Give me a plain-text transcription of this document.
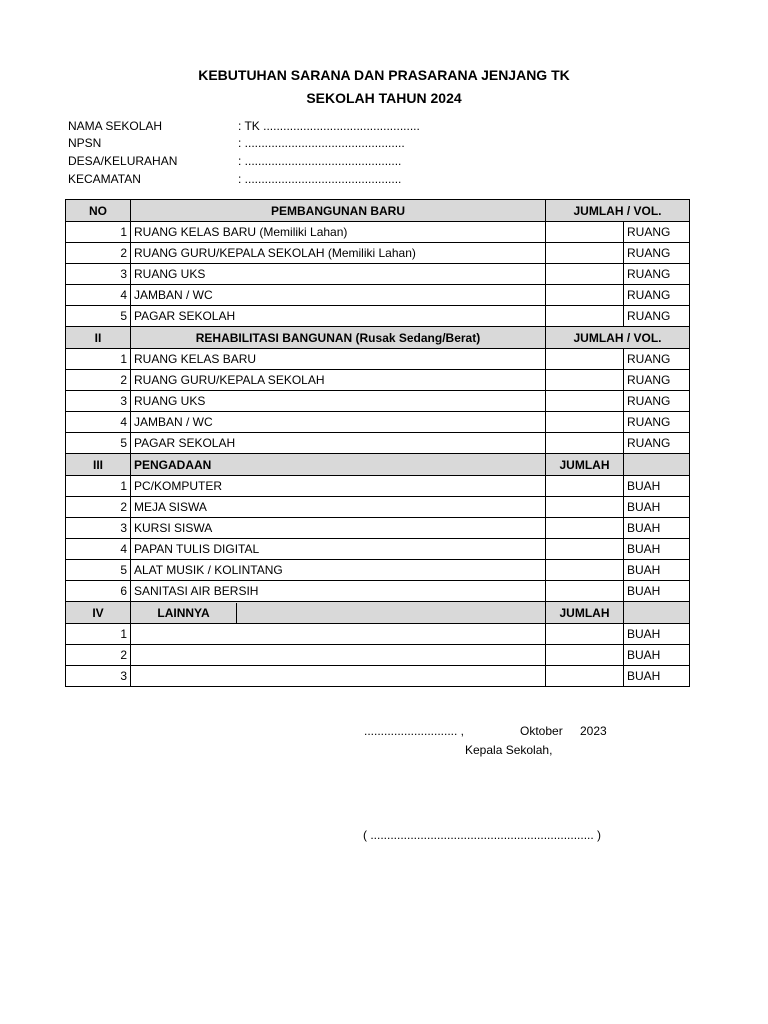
KEBUTUHAN SARANA DAN PRASARANA JENJANG TK
SEKOLAH TAHUN 2024
NAMA SEKOLAH	: TK ...............................................
NPSN	: ................................................
DESA/KELURAHAN	: ...............................................
KECAMATAN	: ...............................................
NO	PEMBANGUNAN BARU	JUMLAH / VOL.	
1	RUANG KELAS BARU (Memiliki Lahan)		RUANG
2	RUANG GURU/KEPALA SEKOLAH (Memiliki Lahan)		RUANG
3	RUANG UKS		RUANG
4	JAMBAN / WC		RUANG
5	PAGAR SEKOLAH		RUANG
II	REHABILITASI BANGUNAN (Rusak Sedang/Berat)	JUMLAH / VOL.	
1	RUANG KELAS BARU		RUANG
2	RUANG GURU/KEPALA SEKOLAH		RUANG
3	RUANG UKS		RUANG
4	JAMBAN / WC		RUANG
5	PAGAR SEKOLAH		RUANG
III	PENGADAAN	JUMLAH	
1	PC/KOMPUTER		BUAH
2	MEJA SISWA		BUAH
3	KURSI SISWA		BUAH
4	PAPAN TULIS DIGITAL		BUAH
5	ALAT MUSIK / KOLINTANG		BUAH
6	SANITASI AIR BERSIH		BUAH
IV	LAINNYA	JUMLAH	
1			BUAH
2			BUAH
3			BUAH
............................ ,	Oktober 2023
Kepala Sekolah,
( ................................................................... )
